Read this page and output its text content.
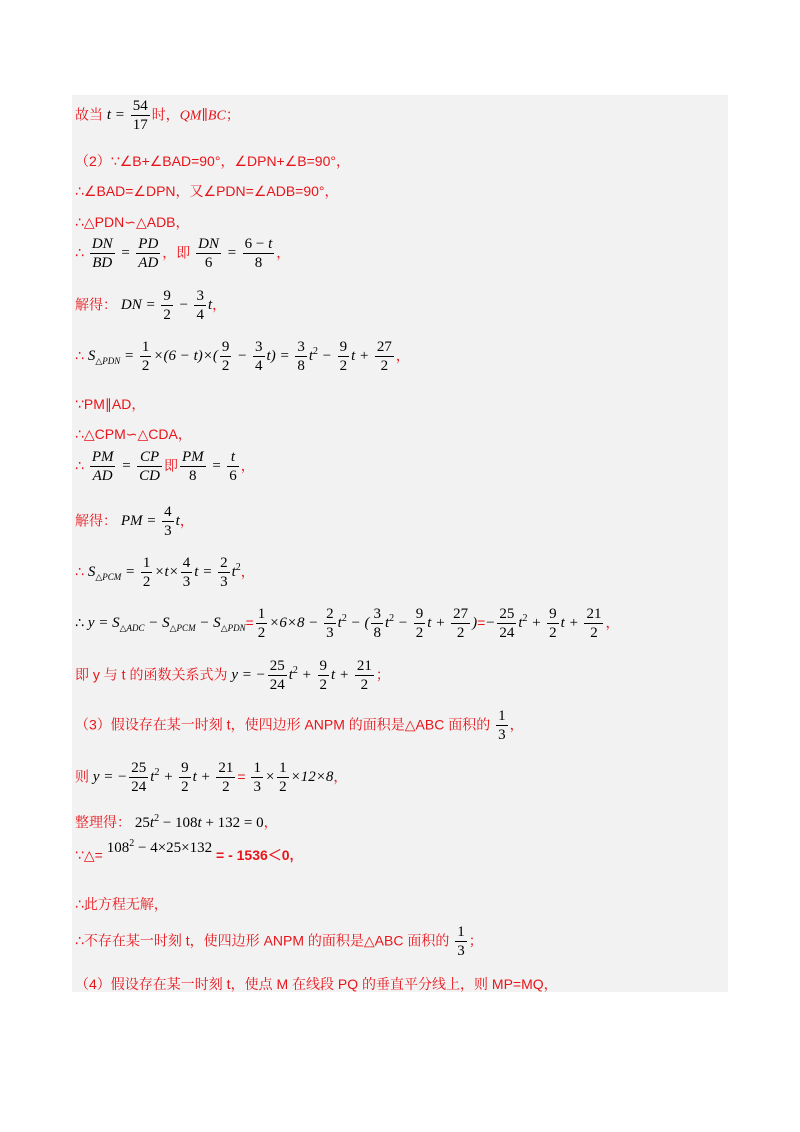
故当 $t = \frac{54}{17}$ 时，QM∥BC；
（2）∵∠B+∠BAD=90°，∠DPN+∠B=90°，
∴∠BAD=∠DPN，又∠PDN=∠ADB=90°，
∴△PDN∽△ADB，
∴ $\frac{DN}{BD} = \frac{PD}{AD}$ ，即 $\frac{DN}{6} = \frac{6 - t}{8}$ ，
解得： DN = $\frac{9}{2} - \frac{3}{4}$ t，
∴ $S_{\triangle PDN} = \frac{1}{2} \times(6 - t)\times( \frac{9}{2} - \frac{3}{4} t) = \frac{3}{8} t^2 - \frac{9}{2}$ $t + \frac{27}{2}$ ，
∵PM∥AD，
∴△CPM∽△CDA，
∴ $\frac{PM}{AD} = \frac{CP}{CD}$ 即 $\frac{PM}{8} = \frac{t}{6}$ ，
解得： PM = $\frac{4}{3}$ t，
∴ $S_{\triangle PCM} = \frac{1}{2} \times t\times \frac{4}{3}$ $t = \frac{2}{3} t^2$，
∴ $y = S_{\triangle ADC} - S_{\triangle PCM} - S_{\triangle PDN}= \frac{1}{2} \times 6\times 8 - \frac{2}{3} t^2$ − ( $\frac{3}{8} t^2 - \frac{9}{2}$ $t + \frac{27}{2}$ )=− $\frac{25}{24} t^2 + \frac{9}{2}$ $t + \frac{21}{2}$ ，
即 y 与 t 的函数关系式为 y = − $\frac{25}{24} t^2 + \frac{9}{2}$ $t + \frac{21}{2}$ ；
（3）假设存在某一时刻 t，使四边形 ANPM 的面积是△ABC 面积的 $\frac{1}{3}$ ，
则 y = − $\frac{25}{24} t^2 + \frac{9}{2}$ $t + \frac{21}{2} = \frac{1}{3} \times \frac{1}{2} \times 12\times 8$，
整理得： $25t^2 - 108t + 132 = 0$，
∵△= $108^2 - 4\times 25\times 132$ = - 1536＜0,
∴此方程无解，
∴不存在某一时刻 t，使四边形 ANPM 的面积是△ABC 面积的 $\frac{1}{3}$ ；
（4）假设存在某一时刻 t，使点 M 在线段 PQ 的垂直平分线上，则 MP=MQ，
